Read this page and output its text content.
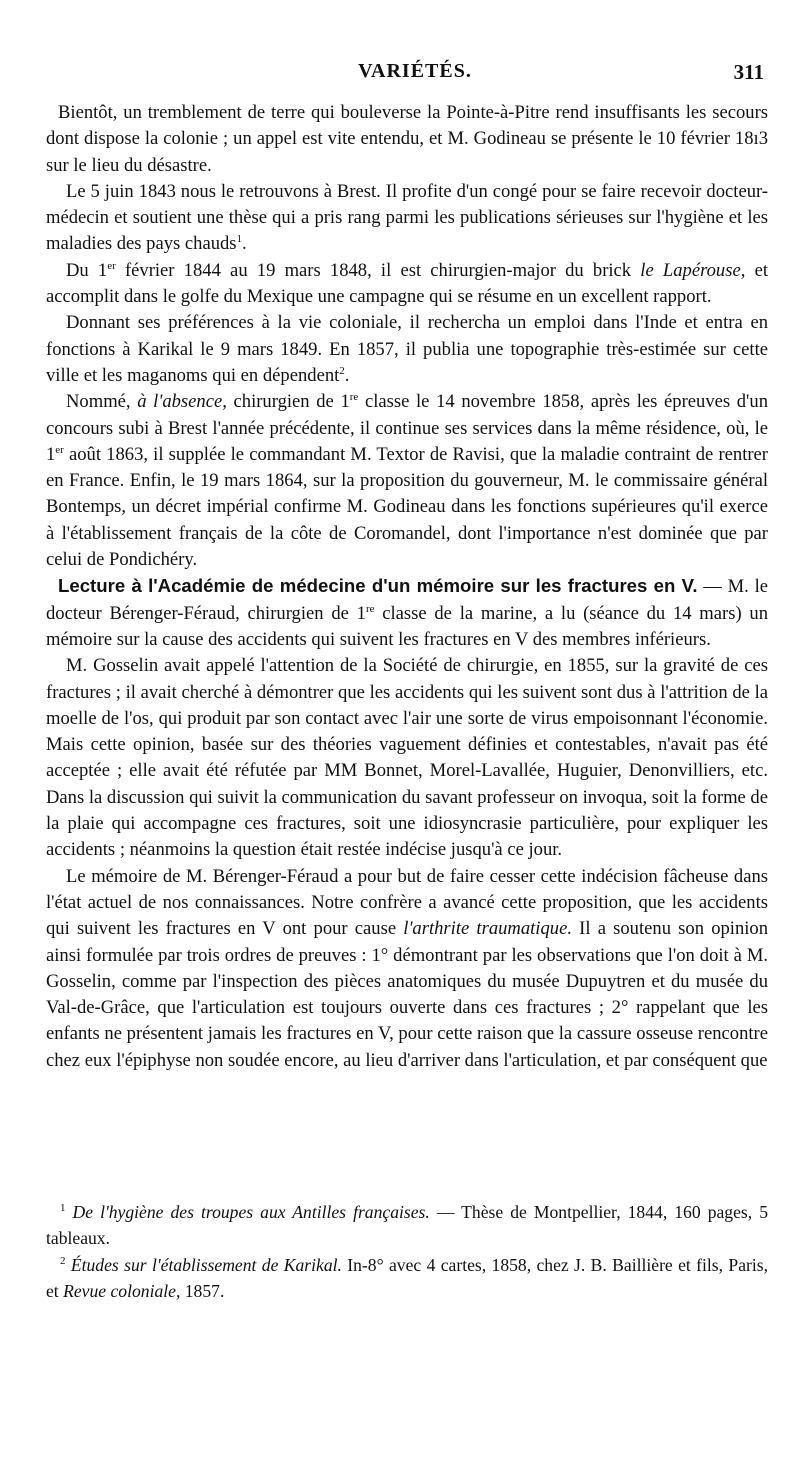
VARIÉTÉS.	311

Bientôt, un tremblement de terre qui bouleverse la Pointe-à-Pitre rend insuffisants les secours dont dispose la colonie ; un appel est vite entendu, et M. Godineau se présente le 10 février 18ı3 sur le lieu du désastre.

Le 5 juin 1843 nous le retrouvons à Brest. Il profite d'un congé pour se faire recevoir docteur-médecin et soutient une thèse qui a pris rang parmi les publications sérieuses sur l'hygiène et les maladies des pays chauds$^1$.

Du 1er février 1844 au 19 mars 1848, il est chirurgien-major du brick le Lapérouse, et accomplit dans le golfe du Mexique une campagne qui se résume en un excellent rapport.

Donnant ses préférences à la vie coloniale, il rechercha un emploi dans l'Inde et entra en fonctions à Karikal le 9 mars 1849. En 1857, il publia une topographie très-estimée sur cette ville et les maganoms qui en dépendent$^2$.

Nommé, à l'absence, chirurgien de 1re classe le 14 novembre 1858, après les épreuves d'un concours subi à Brest l'année précédente, il continue ses services dans la même résidence, où, le 1er août 1863, il supplée le commandant M. Textor de Ravisi, que la maladie contraint de rentrer en France. Enfin, le 19 mars 1864, sur la proposition du gouverneur, M. le commissaire général Bontemps, un décret impérial confirme M. Godineau dans les fonctions supérieures qu'il exerce à l'établissement français de la côte de Coromandel, dont l'importance n'est dominée que par celui de Pondichéry.

Lecture à l'Académie de médecine d'un mémoire sur les fractures en V. — M. le docteur Bérenger-Féraud, chirurgien de 1re classe de la marine, a lu (séance du 14 mars) un mémoire sur la cause des accidents qui suivent les fractures en V des membres inférieurs.

M. Gosselin avait appelé l'attention de la Société de chirurgie, en 1855, sur la gravité de ces fractures ; il avait cherché à démontrer que les accidents qui les suivent sont dus à l'attrition de la moelle de l'os, qui produit par son contact avec l'air une sorte de virus empoisonnant l'économie. Mais cette opinion, basée sur des théories vaguement définies et contestables, n'avait pas été acceptée ; elle avait été réfutée par MM Bonnet, Morel-Lavallée, Huguier, Denonvilliers, etc. Dans la discussion qui suivit la communication du savant professeur on invoqua, soit la forme de la plaie qui accompagne ces fractures, soit une idiosyncrasie particulière, pour expliquer les accidents ; néanmoins la question était restée indécise jusqu'à ce jour.

Le mémoire de M. Bérenger-Féraud a pour but de faire cesser cette indécision fâcheuse dans l'état actuel de nos connaissances. Notre confrère a avancé cette proposition, que les accidents qui suivent les fractures en V ont pour cause l'arthrite traumatique. Il a soutenu son opinion ainsi formulée par trois ordres de preuves : 1° démontrant par les observations que l'on doit à M. Gosselin, comme par l'inspection des pièces anatomiques du musée Dupuytren et du musée du Val-de-Grâce, que l'articulation est toujours ouverte dans ces fractures ; 2° rappelant que les enfants ne présentent jamais les fractures en V, pour cette raison que la cassure osseuse rencontre chez eux l'épiphyse non soudée encore, au lieu d'arriver dans l'articulation, et par conséquent que

$^1$ De l'hygiène des troupes aux Antilles françaises. — Thèse de Montpellier, 1844, 160 pages, 5 tableaux.

$^2$ Études sur l'établissement de Karikal. In-8° avec 4 cartes, 1858, chez J. B. Baillière et fils, Paris, et Revue coloniale, 1857.
